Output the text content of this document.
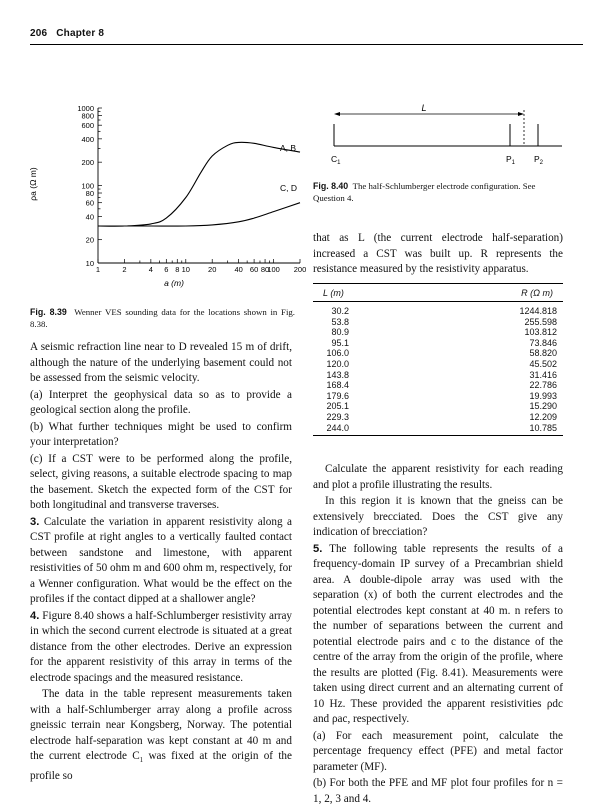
206 Chapter 8
1000
800
600
400
200
100
80
60
40
20
10
1	2	4 6 8 10 20 40 60 80
100 200
ρa (Ω m)
a (m)
A, B
C, D
Fig. 8.39 Wenner VES sounding data for the locations shown in Fig. 8.38.
L
$C_1$	$P_1$ $P_2$
Fig. 8.40 The half-Schlumberger electrode configuration. See Question 4.

A seismic refraction line near to D revealed 15 m of drift, although the nature of the underlying basement could not be assessed from the seismic velocity.

(a) Interpret the geophysical data so as to provide a geological section along the profile.

(b) What further techniques might be used to confirm your interpretation?

(c) If a CST were to be performed along the profile, select, giving reasons, a suitable electrode spacing to map the basement. Sketch the expected form of the CST for both longitudinal and transverse traverses.

3. Calculate the variation in apparent resistivity along a CST profile at right angles to a vertically faulted contact between sandstone and limestone, with apparent resistivities of 50 ohm m and 600 ohm m, respectively, for a Wenner configuration. What would be the effect on the profiles if the contact dipped at a shallower angle?

4. Figure 8.40 shows a half-Schlumberger resistivity array in which the second current electrode is situated at a great distance from the other electrodes. Derive an expression for the apparent resistivity of this array in terms of the electrode spacings and the measured resistance.

The data in the table represent measurements taken with a half-Schlumberger array along a profile across gneissic terrain near Kongsberg, Norway. The potential electrode half-separation was kept constant at 40 m and the current electrode $C_1$ was fixed at the origin of the profile so

that as L (the current electrode half-separation) increased a CST was built up. R represents the resistance measured by the resistivity apparatus.

L (m)	R (Ω m)
30.2	1244.818
53.8	255.598
80.9	103.812
95.1	73.846
106.0	58.820
120.0	45.502
143.8	31.416
168.4	22.786
179.6	19.993
205.1	15.290
229.3	12.209
244.0	10.785

Calculate the apparent resistivity for each reading and plot a profile illustrating the results.

In this region it is known that the gneiss can be extensively brecciated. Does the CST give any indication of brecciation?

5. The following table represents the results of a frequency-domain IP survey of a Precambrian shield area. A double-dipole array was used with the separation (x) of both the current electrodes and the potential electrodes kept constant at 40 m. n refers to the number of separations between the current and potential electrode pairs and c to the distance of the centre of the array from the origin of the profile, where the results are plotted (Fig. 8.41). Measurements were taken using direct current and an alternating current of 10 Hz. These provided the apparent resistivities ρdc and ρac, respectively.

(a) For each measurement point, calculate the percentage frequency effect (PFE) and metal factor parameter (MF).

(b) For both the PFE and MF plot four profiles for n = 1, 2, 3 and 4.
